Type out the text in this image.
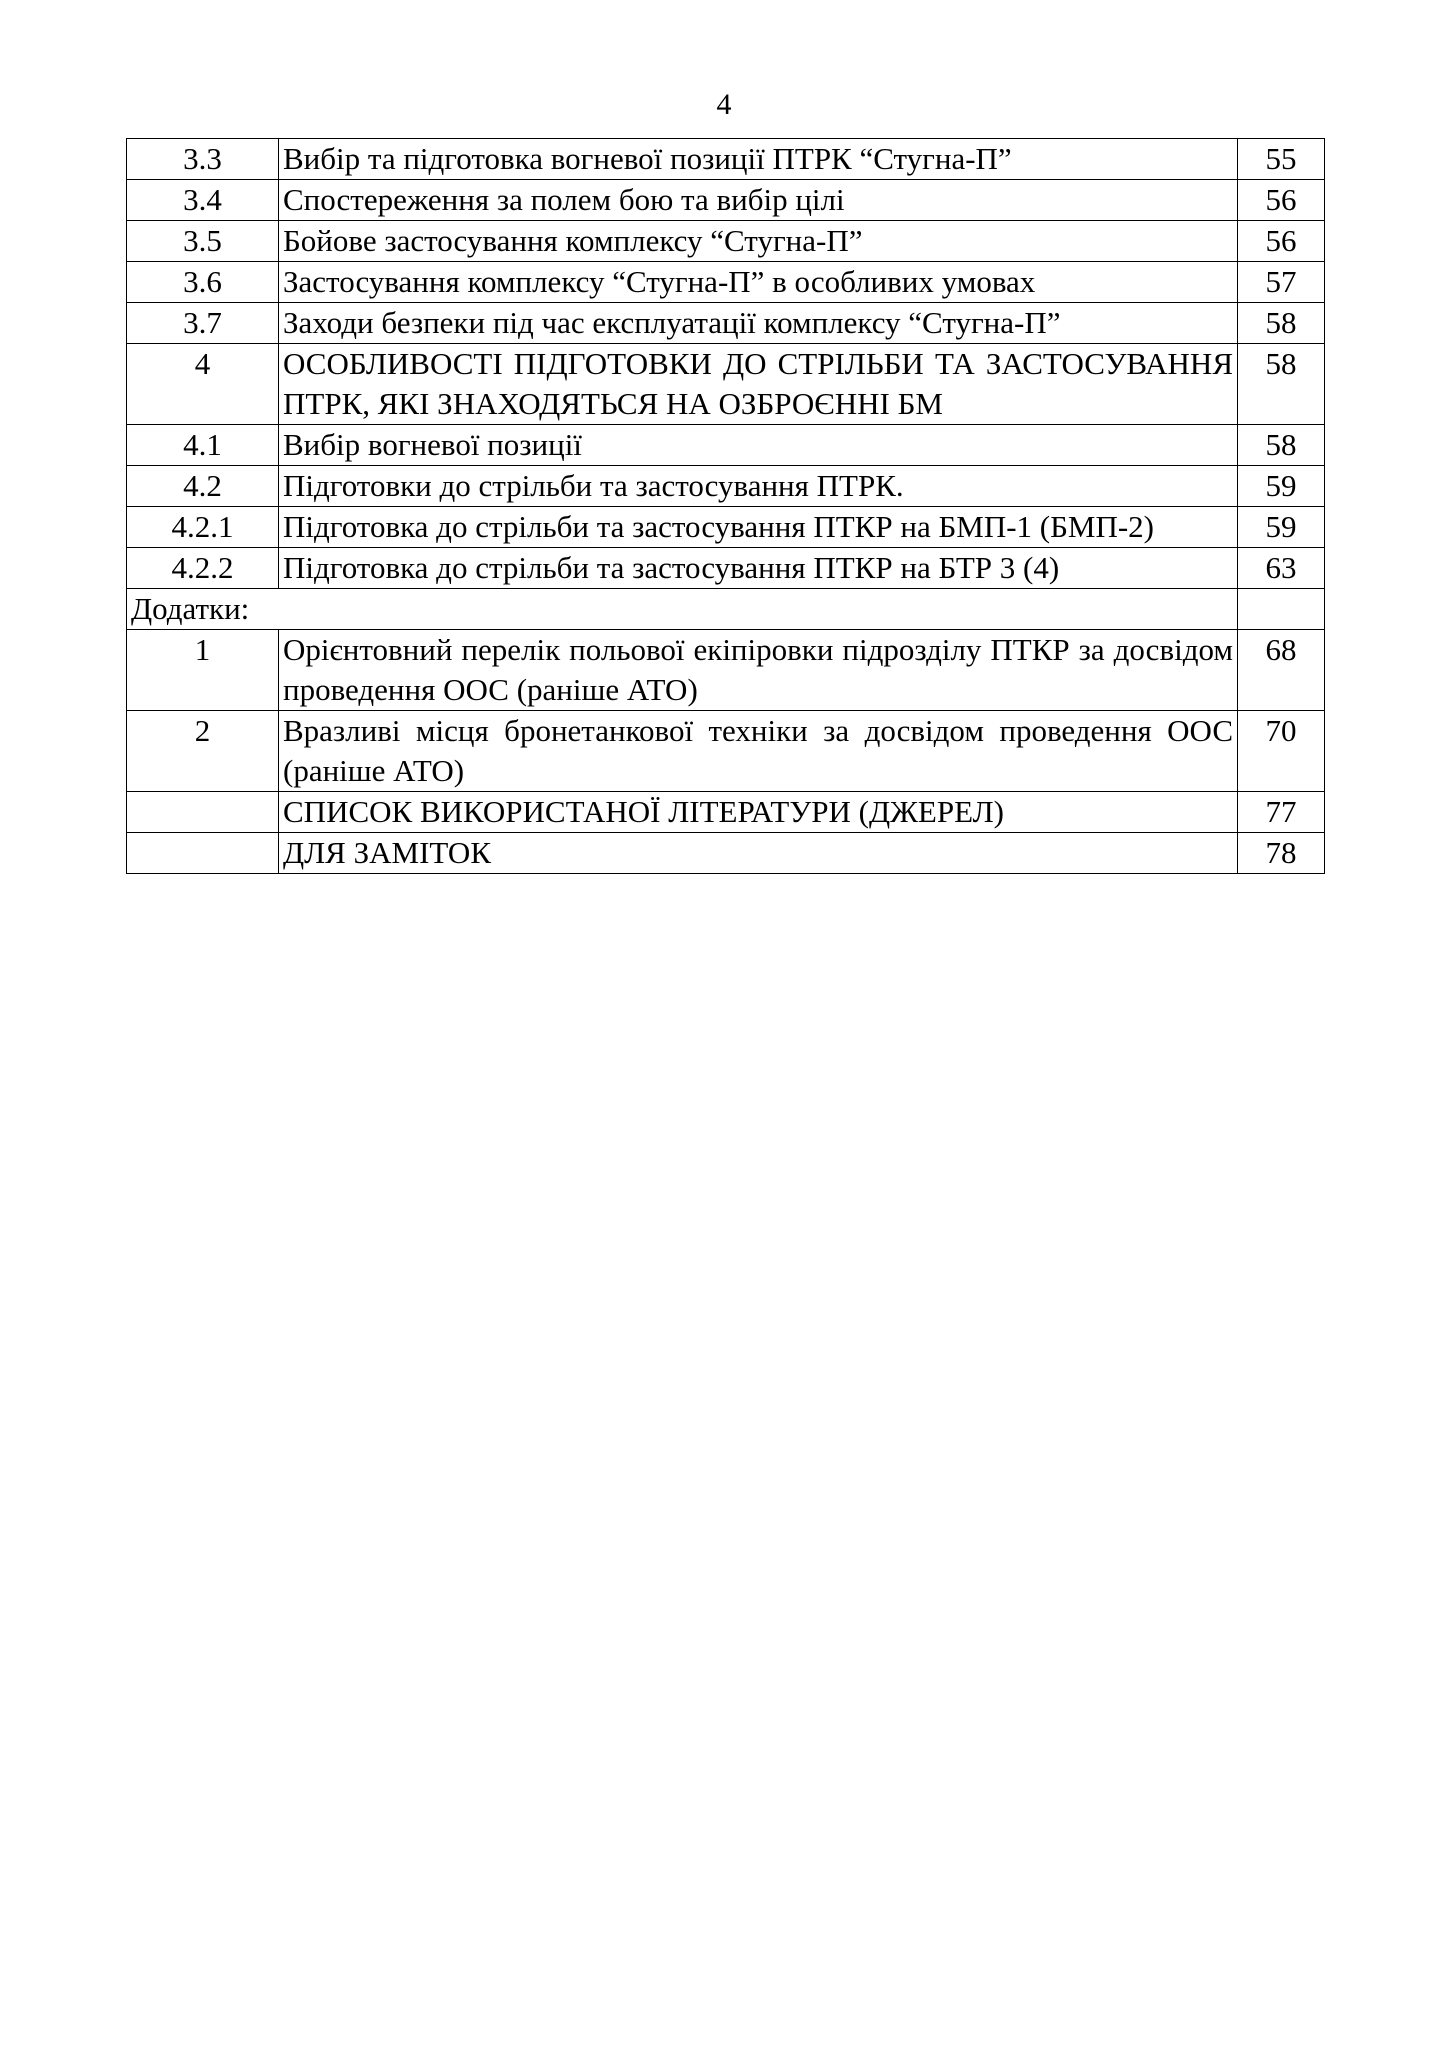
4
3.3	Вибір та підготовка вогневої позиції ПТРК “Стугна-П”	55
3.4	Спостереження за полем бою та вибір цілі	56
3.5	Бойове застосування комплексу “Стугна-П”	56
3.6	Застосування комплексу “Стугна-П” в особливих умовах	57
3.7	Заходи безпеки під час експлуатації комплексу “Стугна-П”	58
4	ОСОБЛИВОСТІ ПІДГОТОВКИ ДО СТРІЛЬБИ ТА ЗАСТОСУВАННЯ ПТРК, ЯКІ ЗНАХОДЯТЬСЯ НА ОЗБРОЄННІ БМ	58
4.1	Вибір вогневої позиції	58
4.2	Підготовки до стрільби та застосування ПТРК.	59
4.2.1	Підготовка до стрільби та застосування ПТКР на БМП-1 (БМП-2)	59
4.2.2	Підготовка до стрільби та застосування ПТКР на БТР 3 (4)	63
Додатки:		
1	Орієнтовний перелік польової екіпіровки підрозділу ПТКР за досвідом проведення ООС (раніше АТО)	68
2	Вразливі місця бронетанкової техніки за досвідом проведення ООС (раніше АТО)	70
	СПИСОК ВИКОРИСТАНОЇ ЛІТЕРАТУРИ (ДЖЕРЕЛ)	77
	ДЛЯ ЗАМІТОК	78
